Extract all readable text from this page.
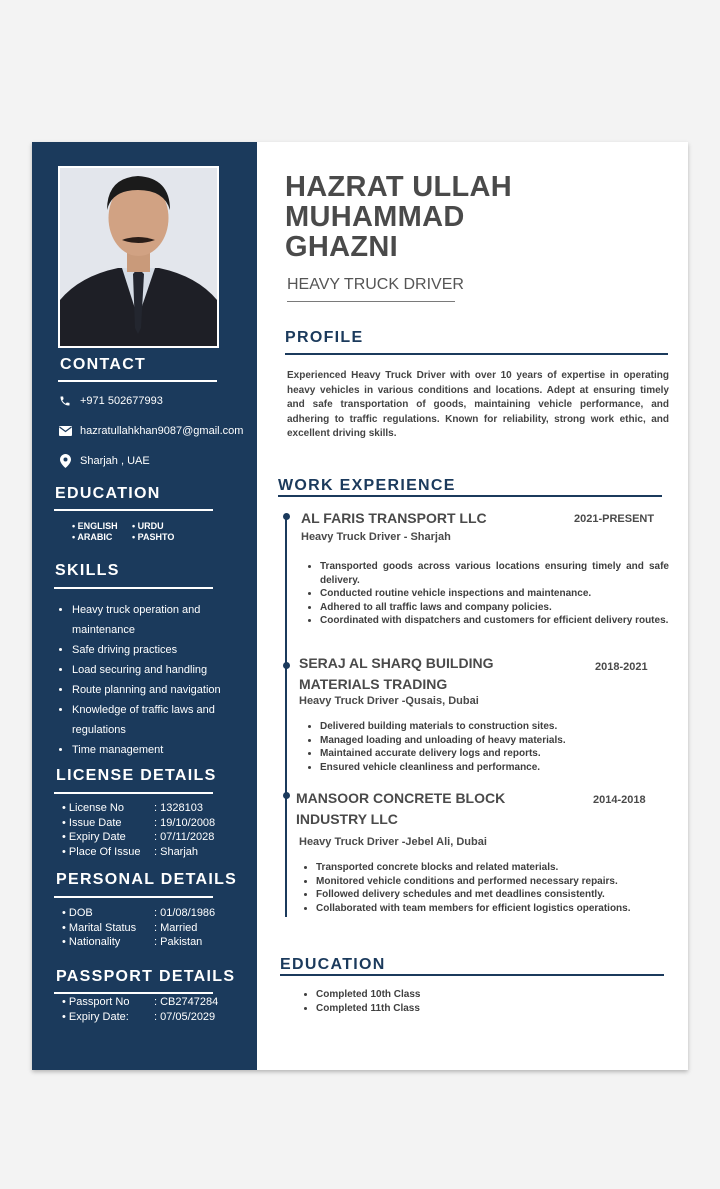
CONTACT
+971 502677993
hazratullahkhan9087@gmail.com
Sharjah , UAE
EDUCATION
• ENGLISH	• URDU
• ARABIC	• PASHTO
SKILLS
• Heavy truck operation and maintenance
• Safe driving practices
• Load securing and handling
• Route planning and navigation
• Knowledge of traffic laws and regulations
• Time management
LICENSE DETAILS
• License No	: 1328103
• Issue Date	: 19/10/2008
• Expiry Date	: 07/11/2028
• Place Of Issue	: Sharjah
PERSONAL DETAILS
• DOB	: 01/08/1986
• Marital Status	: Married
• Nationality	: Pakistan
PASSPORT DETAILS
• Passport No	: CB2747284
• Expiry Date:	: 07/05/2029
HAZRAT ULLAH
MUHAMMAD
GHAZNI
HEAVY TRUCK DRIVER
PROFILE
Experienced Heavy Truck Driver with over 10 years of expertise in operating heavy vehicles in various conditions and locations. Adept at ensuring timely and safe transportation of goods, maintaining vehicle performance, and adhering to traffic regulations. Known for reliability, strong work ethic, and excellent driving skills.
WORK EXPERIENCE
AL FARIS TRANSPORT LLC	2021-PRESENT
Heavy Truck Driver - Sharjah
• Transported goods across various locations ensuring timely and safe delivery.
• Conducted routine vehicle inspections and maintenance.
• Adhered to all traffic laws and company policies.
• Coordinated with dispatchers and customers for efficient delivery routes.
SERAJ AL SHARQ BUILDING MATERIALS TRADING
2018-2021
Heavy Truck Driver -Qusais, Dubai
• Delivered building materials to construction sites.
• Managed loading and unloading of heavy materials.
• Maintained accurate delivery logs and reports.
• Ensured vehicle cleanliness and performance.
MANSOOR CONCRETE BLOCK INDUSTRY LLC
2014-2018
Heavy Truck Driver -Jebel Ali, Dubai
• Transported concrete blocks and related materials.
• Monitored vehicle conditions and performed necessary repairs.
• Followed delivery schedules and met deadlines consistently.
• Collaborated with team members for efficient logistics operations.
EDUCATION
• Completed 10th Class
• Completed 11th Class
